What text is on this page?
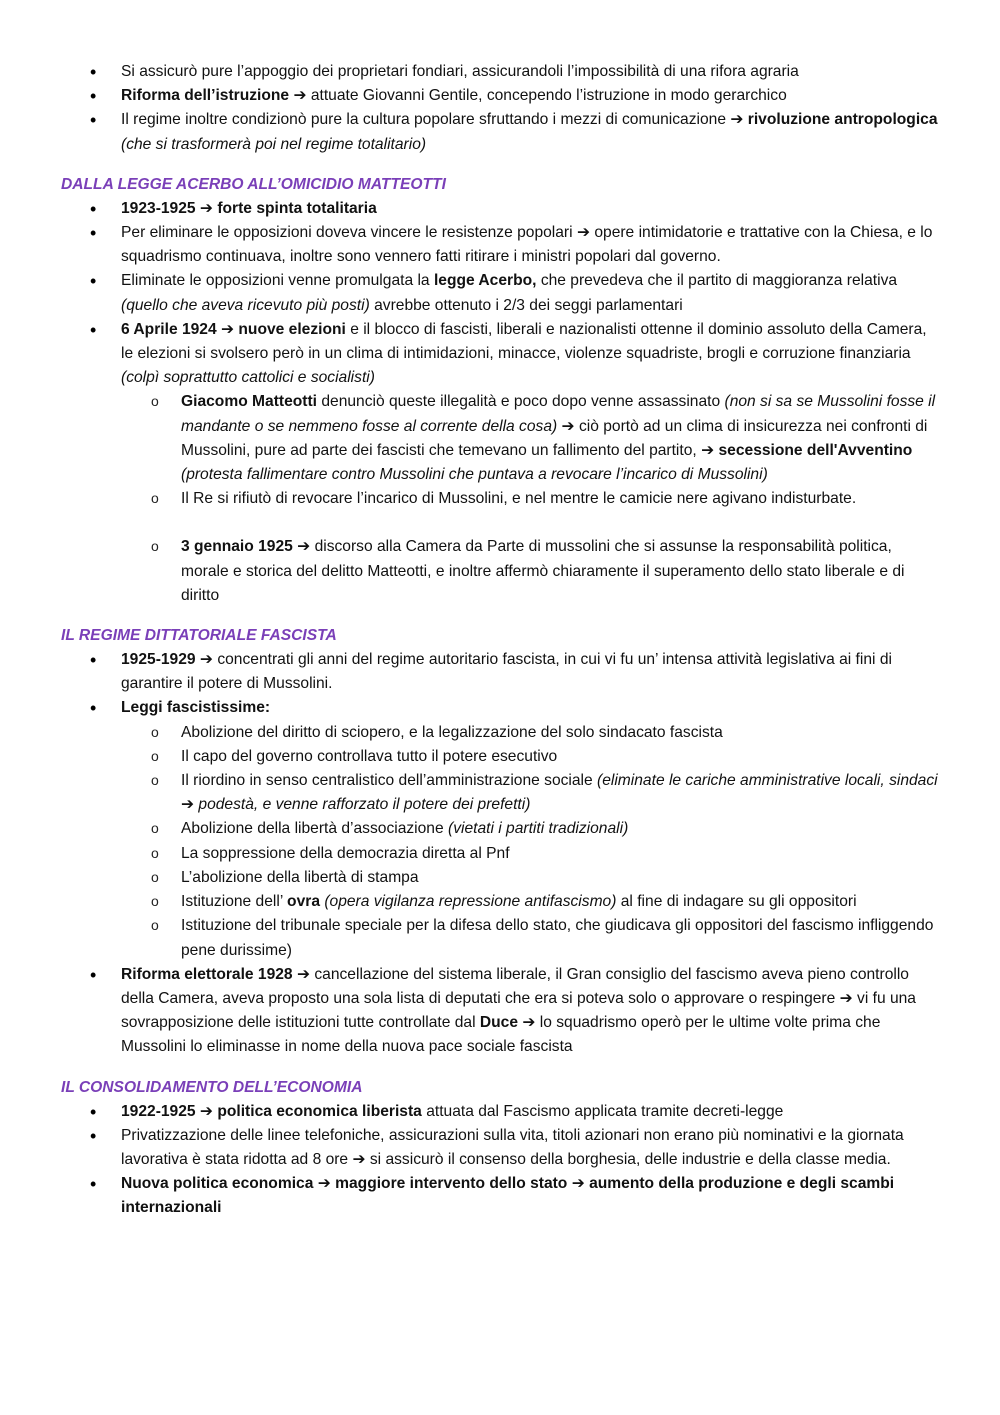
• Si assicurò pure l’appoggio dei proprietari fondiari, assicurandoli l’impossibilità di una rifora agraria
• Riforma dell’istruzione ➔ attuate Giovanni Gentile, concependo l’istruzione in modo gerarchico
• Il regime inoltre condizionò pure la cultura popolare sfruttando i mezzi di comunicazione ➔ rivoluzione antropologica (che si trasformerà poi nel regime totalitario)
DALLA LEGGE ACERBO ALL’OMICIDIO MATTEOTTI
• 1923-1925 ➔ forte spinta totalitaria
• Per eliminare le opposizioni doveva vincere le resistenze popolari ➔ opere intimidatorie e trattative con la Chiesa, e lo squadrismo continuava, inoltre sono vennero fatti ritirare i ministri popolari dal governo.
• Eliminate le opposizioni venne promulgata la legge Acerbo, che prevedeva che il partito di maggioranza relativa (quello che aveva ricevuto più posti) avrebbe ottenuto i 2/3 dei seggi parlamentari
• 6 Aprile 1924 ➔ nuove elezioni e il blocco di fascisti, liberali e nazionalisti ottenne il dominio assoluto della Camera, le elezioni si svolsero però in un clima di intimidazioni, minacce, violenze squadriste, brogli e corruzione finanziaria (colpì soprattutto cattolici e socialisti)
o Giacomo Matteotti denunciò queste illegalità e poco dopo venne assassinato (non si sa se Mussolini fosse il mandante o se nemmeno fosse al corrente della cosa) ➔ ciò portò ad un clima di insicurezza nei confronti di Mussolini, pure ad parte dei fascisti che temevano un fallimento del partito, ➔ secessione dell'Avventino (protesta fallimentare contro Mussolini che puntava a revocare l’incarico di Mussolini)
o Il Re si rifiutò di revocare l’incarico di Mussolini, e nel mentre le camicie nere agivano indisturbate.
o 3 gennaio 1925 ➔ discorso alla Camera da Parte di mussolini che si assunse la responsabilità politica, morale e storica del delitto Matteotti, e inoltre affermò chiaramente il superamento dello stato liberale e di diritto
IL REGIME DITTATORIALE FASCISTA
• 1925-1929 ➔ concentrati gli anni del regime autoritario fascista, in cui vi fu un’ intensa attività legislativa ai fini di garantire il potere di Mussolini.
• Leggi fascistissime:
o Abolizione del diritto di sciopero, e la legalizzazione del solo sindacato fascista
o Il capo del governo controllava tutto il potere esecutivo
o Il riordino in senso centralistico dell’amministrazione sociale (eliminate le cariche amministrative locali, sindaci ➔ podestà, e venne rafforzato il potere dei prefetti)
o Abolizione della libertà d’associazione (vietati i partiti tradizionali)
o La soppressione della democrazia diretta al Pnf
o L’abolizione della libertà di stampa
o Istituzione dell’ ovra (opera vigilanza repressione antifascismo) al fine di indagare su gli oppositori
o Istituzione del tribunale speciale per la difesa dello stato, che giudicava gli oppositori del fascismo infliggendo pene durissime)
• Riforma elettorale 1928 ➔ cancellazione del sistema liberale, il Gran consiglio del fascismo aveva pieno controllo della Camera, aveva proposto una sola lista di deputati che era si poteva solo o approvare o respingere ➔ vi fu una sovrapposizione delle istituzioni tutte controllate dal Duce ➔ lo squadrismo operò per le ultime volte prima che Mussolini lo eliminasse in nome della nuova pace sociale fascista
IL CONSOLIDAMENTO DELL’ECONOMIA
• 1922-1925 ➔ politica economica liberista attuata dal Fascismo applicata tramite decreti-legge
• Privatizzazione delle linee telefoniche, assicurazioni sulla vita, titoli azionari non erano più nominativi e la giornata lavorativa è stata ridotta ad 8 ore ➔ si assicurò il consenso della borghesia, delle industrie e della classe media.
• Nuova politica economica ➔ maggiore intervento dello stato ➔ aumento della produzione e degli scambi internazionali
